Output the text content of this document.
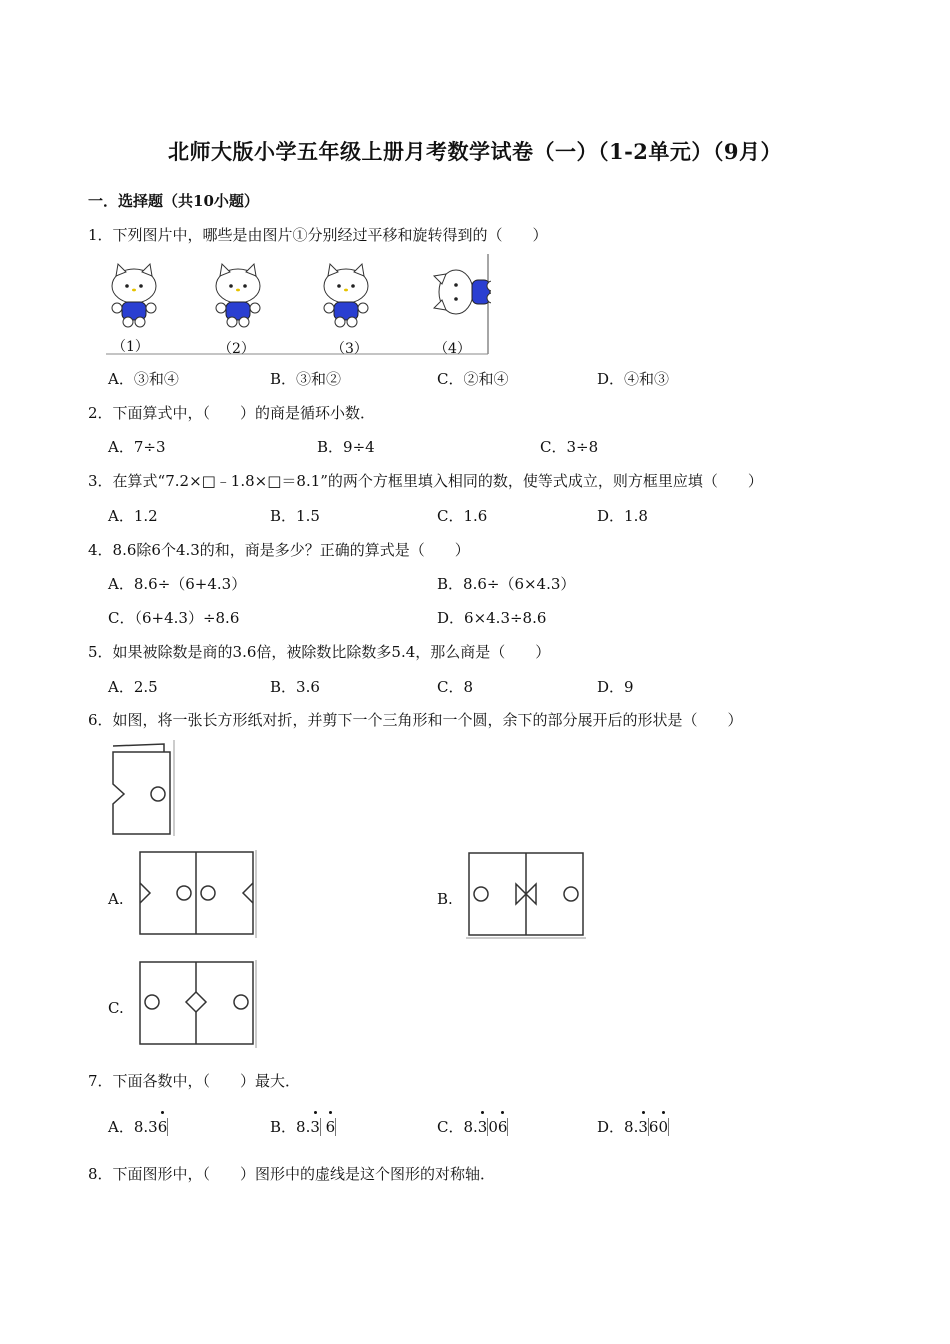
北师大版小学五年级上册月考数学试卷（一）（1-2单元）（9月）
一．选择题（共10小题）
1．下列图片中，哪些是由图片①分别经过平移和旋转得到的（　　）
（1）	（2）	（3）	（4）
A．③和④	B．③和②	C．②和④	D．④和③
2．下面算式中，（　　）的商是循环小数．
A．7÷3	B．9÷4	C．3÷8
3．在算式“7.2×□﹣1.8×□＝8.1”的两个方框里填入相同的数，使等式成立，则方框里应填（　　）
A．1.2	B．1.5	C．1.6	D．1.8
4．8.6除6个4.3的和，商是多少？正确的算式是（　　）
A．8.6÷（6+4.3）	B．8.6÷（6×4.3）
C．（6+4.3）÷8.6	D．6×4.3÷8.6
5．如果被除数是商的3.6倍，被除数比除数多5.4，那么商是（　　）
A．2.5	B．3.6	C．8	D．9
6．如图，将一张长方形纸对折，并剪下一个三角形和一个圆，余下的部分展开后的形状是（　　）
A.	B.
C.
7．下面各数中，（　　）最大．
A．8.3
6	B．8.
3 6	C．8.
30
6	D．8.
36
0
8．下面图形中，（　　）图形中的虚线是这个图形的对称轴．
